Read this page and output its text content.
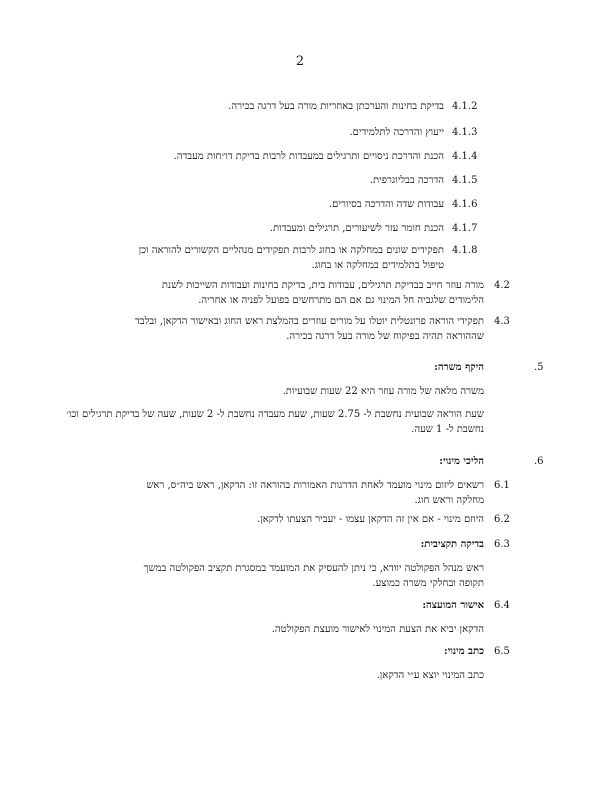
2
4.1.2
בדיקת בחינות והערכתן באחריות מורה בעל דרגה בכירה.
4.1.3
ייעוץ והדרכה לתלמידים.
4.1.4
הכנת והדרכת ניסויים ותרגילים במעבדות לרבות בדיקת דו״חות מעבדה.
4.1.5
הדרכה בבליוגרפית.
4.1.6
עבודות שדה והדרכה בסיורים.
4.1.7
הכנת חומר עזר לשיעורים, תרגילים ומעבדות.
4.1.8
תפקידים שונים במחלקה או בחוג לרבות תפקידים מנהליים הקשורים להוראה וכן
טיפול בתלמידים במחלקה או בחוג.
4.2
מורה עוזר חייב בבדיקת תרגילים, עבודות בית, בדיקת בחינות ועבודות השייכות לשנת
הלימודים שלגביה חל המינוי גם אם הם מתרחשים בפועל לפניה או אחריה.
4.3
תפקידי הוראה פרונטלית יוטלו על מורים עוזרים בהמלצת ראש החוג ובאישור הדקאן, ובלבד
שההוראה תהיה בפיקוח של מורה בעל דרגה בכירה.
.5
היקף משרה:
משרה מלאה של מורה עוזר היא 22 שעות שבועיות.
שעת הוראה שבועית נחשבת ל- 2.75 שעות, שעת מעבדה נחשבת ל- 2 שעות, שעה של בדיקת תרגילים וכו׳
נחשבת ל- 1 שעה.
.6
הליכי מינוי:
6.1
רשאים ליזום מינוי מועמד לאחת הדרגות האמורות בהוראה זו: הדקאן, ראש ביה״ס, ראש
מחלקה וראש חוג.
6.2
היוזם מינוי - אם אין זה הדקאן עצמו - יעביר הצעתו לדקאן.
6.3
בדיקה תקציבית:
ראש מנהל הפקולטה יוודא, כי ניתן להעסיק את המועמד במסגרת תקציב הפקולטה במשך
תקופה ובחלקי משרה כמוצע.
6.4
אישור המועצה:
הדקאן יביא את הצעת המינוי לאישור מועצת הפקולטה.
6.5
כתב מינוי:
כתב המינוי יוצא ע״י הדקאן.
